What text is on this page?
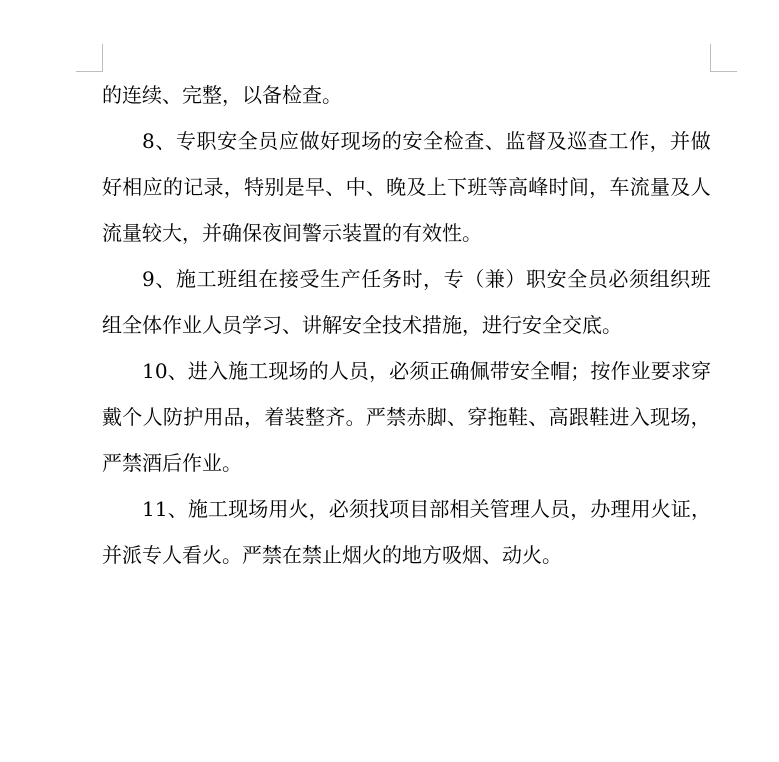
的连续、完整，以备检查。
8 、 专 职 安 全 员 应 做 好 现 场 的 安 全 检 查 、 监 督 及 巡 查 工 作 ， 并 做
好 相 应 的 记 录 ， 特 别 是 早 、 中 、 晚 及 上 下 班 等 高 峰 时 间 ， 车 流 量 及 人
流量较大，并确保夜间警示装置的有效性。
9 、 施 工 班 组 在 接 受 生 产 任 务 时 ， 专 （ 兼 ） 职 安 全 员 必 须 组 织 班
组全体作业人员学习、讲解安全技术措施，进行安全交底。
1 0 、 进 入 施 工 现 场 的 人 员 ， 必 须 正 确 佩 带 安 全 帽 ； 按 作 业 要 求 穿
戴 个 人 防 护 用 品 ， 着 装 整 齐 。 严 禁 赤 脚 、 穿 拖 鞋 、 高 跟 鞋 进 入 现 场 ，
严禁酒后作业。
1 1 、 施 工 现 场 用 火 ， 必 须 找 项 目 部 相 关 管 理 人 员 ， 办 理 用 火 证 ，
并派专人看火。严禁在禁止烟火的地方吸烟、动火。
